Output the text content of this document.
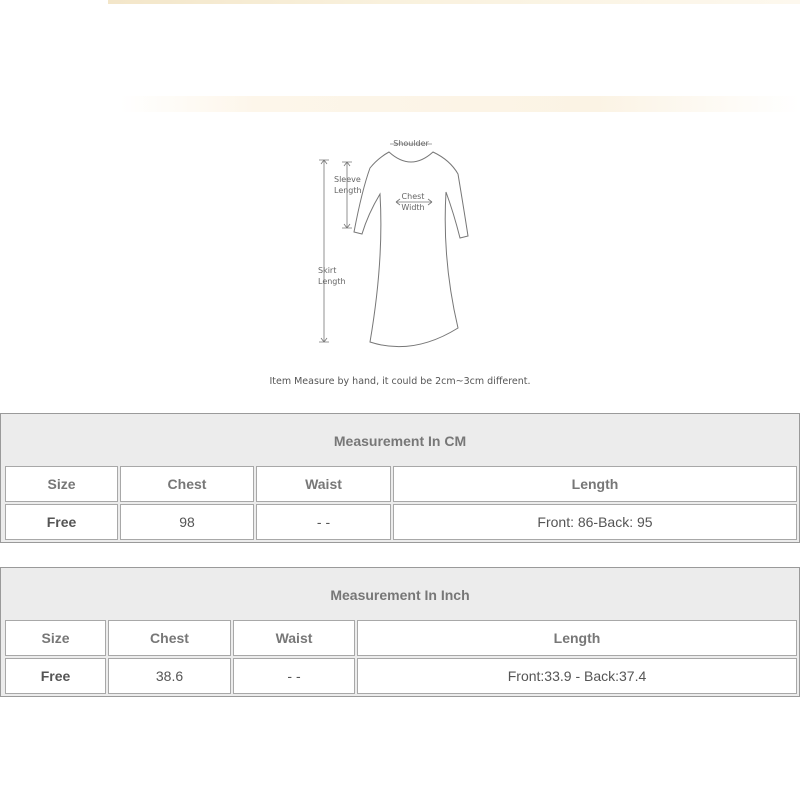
Shoulder
Chest
Width
Sleeve
Length
Skirt
Length
Item Measure by hand, it could be 2cm~3cm different.
Measurement In CM
Size	Chest	Waist	Length
Free	98	- -	Front: 86-Back: 95
Measurement In Inch
Size	Chest	Waist	Length
Free	38.6	- -	Front:33.9 - Back:37.4
